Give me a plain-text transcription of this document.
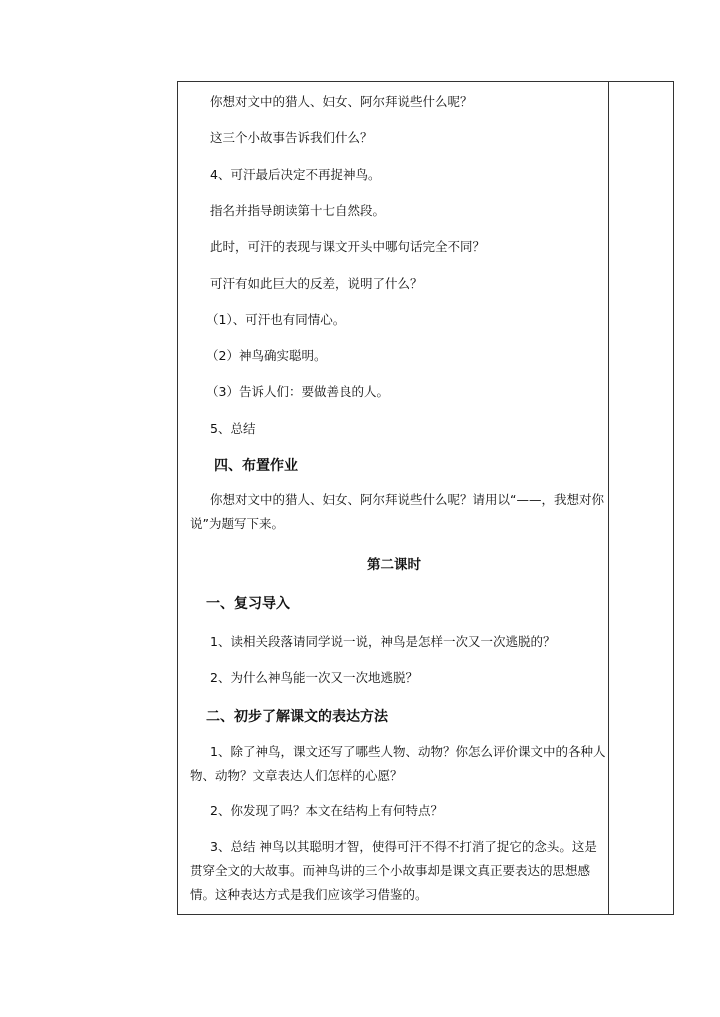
你想对文中的猎人、妇女、阿尔拜说些什么呢？
这三个小故事告诉我们什么？
4、可汗最后决定不再捉神鸟。
指名并指导朗读第十七自然段。
此时，可汗的表现与课文开头中哪句话完全不同？
可汗有如此巨大的反差，说明了什么？
（1）、可汗也有同情心。
（2）神鸟确实聪明。
（3）告诉人们：要做善良的人。
5、总结
四、布置作业
你想对文中的猎人、妇女、阿尔拜说些什么呢？请用以“——，我想对你说”为题写下来。
第二课时
一、复习导入
1、读相关段落请同学说一说，神鸟是怎样一次又一次逃脱的？
2、为什么神鸟能一次又一次地逃脱？
二、初步了解课文的表达方法
1、除了神鸟，课文还写了哪些人物、动物？你怎么评价课文中的各种人物、动物？文章表达人们怎样的心愿？
2、你发现了吗？本文在结构上有何特点？
3、总结 神鸟以其聪明才智，使得可汗不得不打消了捉它的念头。这是贯穿全文的大故事。而神鸟讲的三个小故事却是课文真正要表达的思想感情。这种表达方式是我们应该学习借鉴的。
